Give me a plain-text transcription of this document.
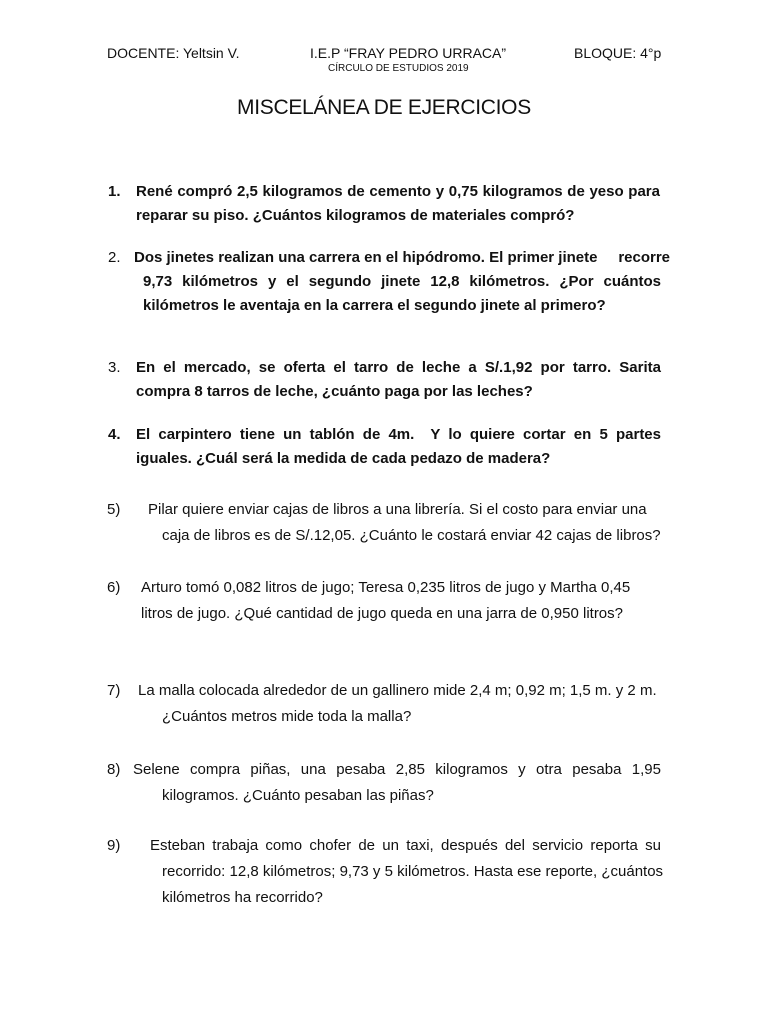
DOCENTE: Yeltsin V.	I.E.P “FRAY PEDRO URRACA”	BLOQUE: 4°p
CÍRCULO DE ESTUDIOS 2019
MISCELÁNEA DE EJERCICIOS
1. René compró 2,5 kilogramos de cemento y 0,75 kilogramos de yeso para
reparar su piso. ¿Cuántos kilogramos de materiales compró?
2. Dos jinetes realizan una carrera en el hipódromo. El primer jinete     recorre
9,73 kilómetros y el segundo jinete 12,8 kilómetros. ¿Por cuántos
kilómetros le aventaja en la carrera el segundo jinete al primero?
3. En el mercado, se oferta el tarro de leche a S/.1,92 por tarro. Sarita
compra 8 tarros de leche, ¿cuánto paga por las leches?
4. El carpintero tiene un tablón de 4m.  Y lo quiere cortar en 5 partes
iguales. ¿Cuál será la medida de cada pedazo de madera?
5) Pilar quiere enviar cajas de libros a una librería. Si el costo para enviar una
caja de libros es de S/.12,05. ¿Cuánto le costará enviar 42 cajas de libros?
6) Arturo tomó 0,082 litros de jugo; Teresa 0,235 litros de jugo y Martha 0,45
litros de jugo. ¿Qué cantidad de jugo queda en una jarra de 0,950 litros?
7) La malla colocada alrededor de un gallinero mide 2,4 m; 0,92 m; 1,5 m. y 2 m.
¿Cuántos metros mide toda la malla?
8) Selene compra piñas, una pesaba 2,85 kilogramos y otra pesaba 1,95
kilogramos. ¿Cuánto pesaban las piñas?
9) Esteban trabaja como chofer de un taxi, después del servicio reporta su
recorrido: 12,8 kilómetros; 9,73 y 5 kilómetros. Hasta ese reporte, ¿cuántos
kilómetros ha recorrido?
